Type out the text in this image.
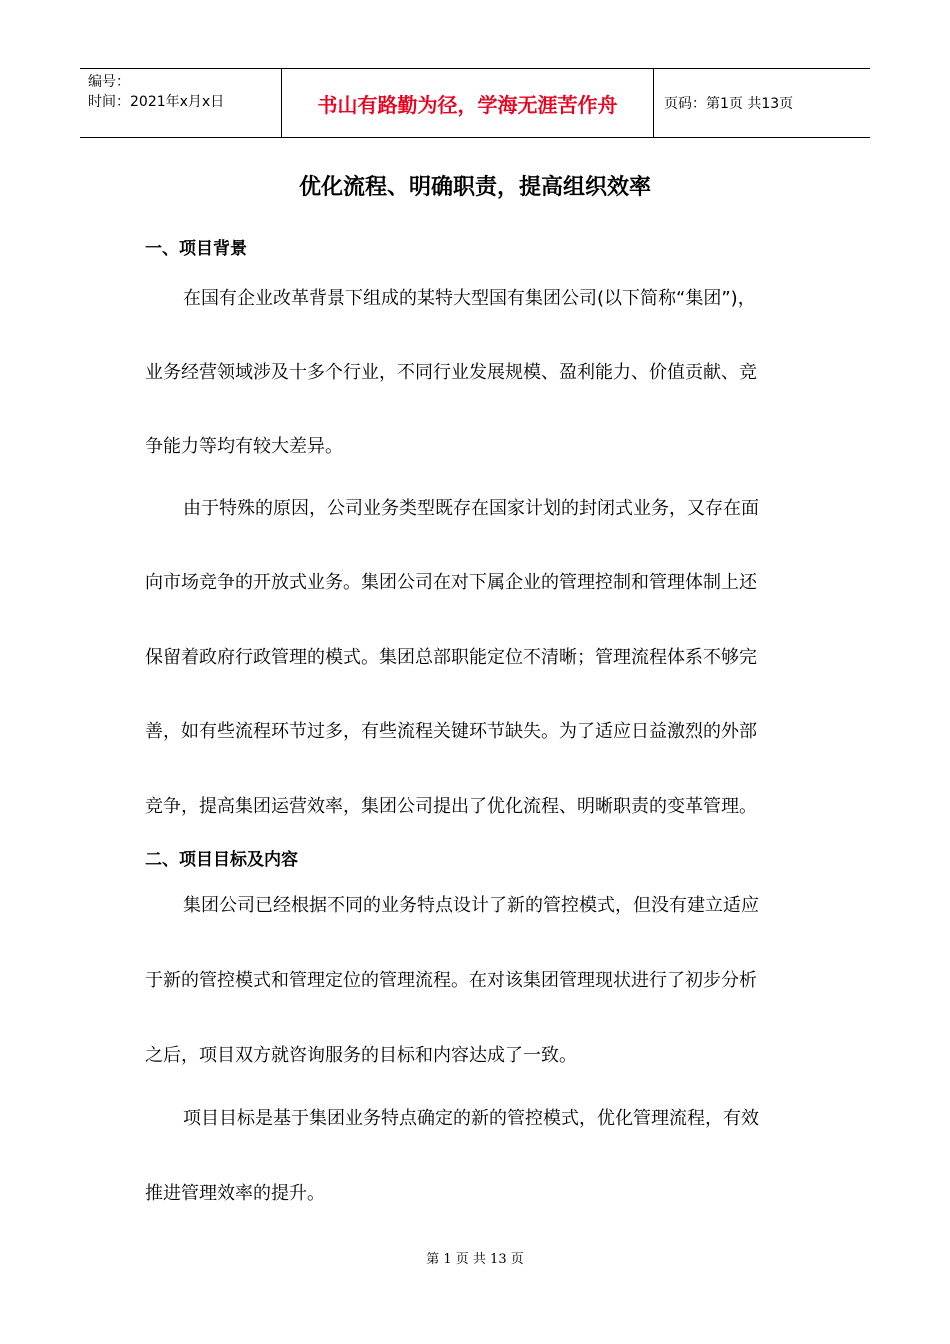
编号：
时间：2021年x月x日	书山有路勤为径，学海无涯苦作舟	页码：第1页 共13页
优化流程、明确职责，提高组织效率
一、项目背景
在国有企业改革背景下组成的某特大型国有集团公司(以下简称“集团”)，
业务经营领域涉及十多个行业，不同行业发展规模、盈利能力、价值贡献、竞
争能力等均有较大差异。
由于特殊的原因，公司业务类型既存在国家计划的封闭式业务，又存在面
向市场竞争的开放式业务。集团公司在对下属企业的管理控制和管理体制上还
保留着政府行政管理的模式。集团总部职能定位不清晰；管理流程体系不够完
善，如有些流程环节过多，有些流程关键环节缺失。为了适应日益激烈的外部
竞争，提高集团运营效率，集团公司提出了优化流程、明晰职责的变革管理。
二、项目目标及内容
集团公司已经根据不同的业务特点设计了新的管控模式，但没有建立适应
于新的管控模式和管理定位的管理流程。在对该集团管理现状进行了初步分析
之后，项目双方就咨询服务的目标和内容达成了一致。
项目目标是基于集团业务特点确定的新的管控模式，优化管理流程，有效
推进管理效率的提升。
第 1 页 共 13 页
